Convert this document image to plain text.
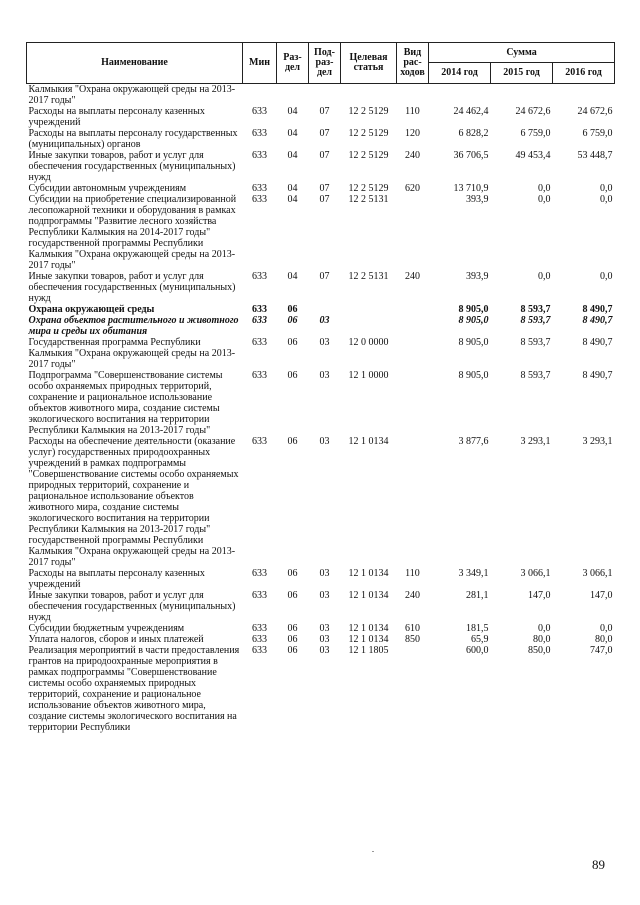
Наименование	Мин	Раз-
дел	Под-
раз-
дел	Целевая
статья	Вид
рас-
ходов	Сумма		
						2014 год	2015 год	2016 год
Калмыкия "Охрана окружающей среды на 2013-2017 годы"								
Расходы на выплаты персоналу казенных учреждений	633	04	07	12 2 5129	110	24 462,4	24 672,6	24 672,6
Расходы на выплаты персоналу государственных (муниципальных) органов	633	04	07	12 2 5129	120	6 828,2	6 759,0	6 759,0
Иные закупки товаров, работ и услуг для обеспечения государственных (муниципальных) нужд	633	04	07	12 2 5129	240	36 706,5	49 453,4	53 448,7
Субсидии автономным учреждениям	633	04	07	12 2 5129	620	13 710,9	0,0	0,0
Субсидии на приобретение специализированной лесопожарной техники и оборудования в рамках подпрограммы "Развитие лесного хозяйства Республики Калмыкия на 2014-2017 годы" государственной программы Республики Калмыкия "Охрана окружающей среды на 2013-2017 годы"	633	04	07	12 2 5131		393,9	0,0	0,0
Иные закупки товаров, работ и услуг для обеспечения государственных (муниципальных) нужд	633	04	07	12 2 5131	240	393,9	0,0	0,0
Охрана окружающей среды	633	06				8 905,0	8 593,7	8 490,7
Охрана объектов растительного и животного мира и среды их обитания	633	06	03			8 905,0	8 593,7	8 490,7
Государственная программа Республики Калмыкия "Охрана окружающей среды на 2013-2017 годы"	633	06	03	12 0 0000		8 905,0	8 593,7	8 490,7
Подпрограмма "Совершенствование системы особо охраняемых природных территорий, сохранение и рациональное использование объектов животного мира, создание системы экологического воспитания на территории Республики Калмыкия на 2013-2017 годы"	633	06	03	12 1 0000		8 905,0	8 593,7	8 490,7
Расходы на обеспечение деятельности (оказание услуг) государственных природоохранных учреждений в рамках подпрограммы "Совершенствование системы особо охраняемых природных территорий, сохранение и рациональное использование объектов животного мира, создание системы экологического воспитания на территории Республики Калмыкия на 2013-2017 годы" государственной программы Республики Калмыкия "Охрана окружающей среды на 2013-2017 годы"	633	06	03	12 1 0134		3 877,6	3 293,1	3 293,1
Расходы на выплаты персоналу казенных учреждений	633	06	03	12 1 0134	110	3 349,1	3 066,1	3 066,1
Иные закупки товаров, работ и услуг для обеспечения государственных (муниципальных) нужд	633	06	03	12 1 0134	240	281,1	147,0	147,0
Субсидии бюджетным учреждениям	633	06	03	12 1 0134	610	181,5	0,0	0,0
Уплата налогов, сборов и иных платежей	633	06	03	12 1 0134	850	65,9	80,0	80,0
Реализация мероприятий в части предоставления грантов на природоохранные мероприятия в рамках подпрограммы "Совершенствование системы особо охраняемых природных территорий, сохранение и рациональное использование объектов животного мира, создание системы экологического воспитания на территории Республики	633	06	03	12 1 1805		600,0	850,0	747,0
89
